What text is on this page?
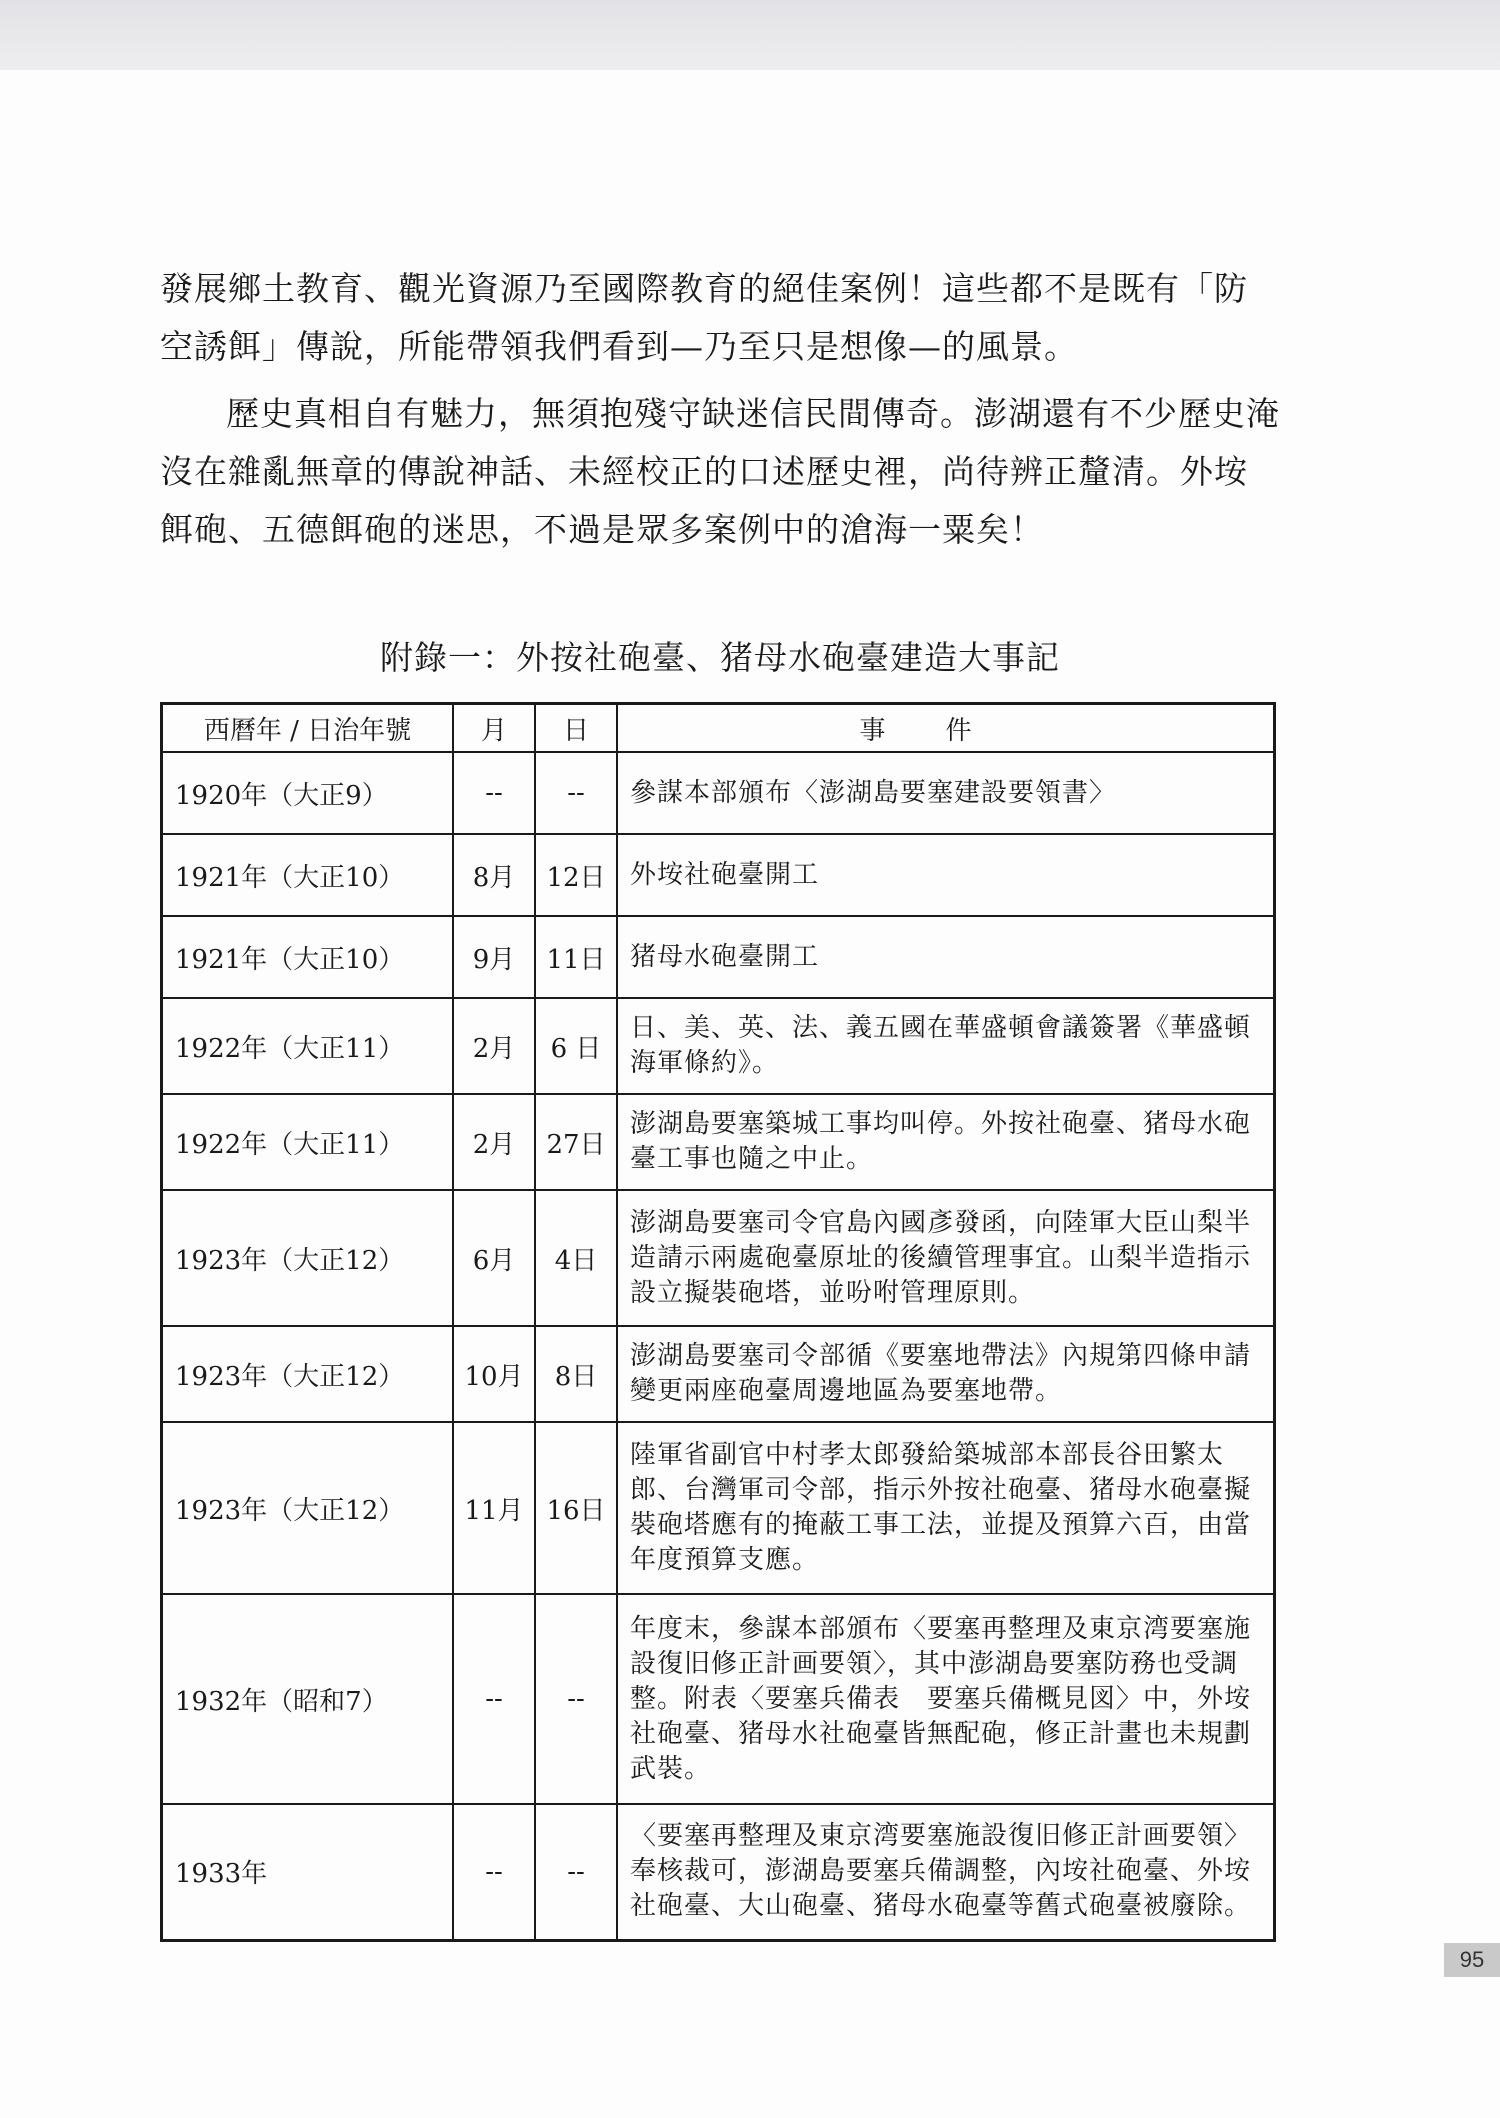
發展鄉土教育、觀光資源乃至國際教育的絕佳案例！這些都不是既有「防空誘餌」傳說，所能帶領我們看到—乃至只是想像—的風景。

歷史真相自有魅力，無須抱殘守缺迷信民間傳奇。澎湖還有不少歷史淹沒在雜亂無章的傳說神話、未經校正的口述歷史裡，尚待辨正釐清。外垵餌砲、五德餌砲的迷思，不過是眾多案例中的滄海一粟矣！

附錄一：外按社砲臺、猪母水砲臺建造大事記
西曆年 / 日治年號	月	日	事件
1920年（大正9）	--	--	參謀本部頒布〈澎湖島要塞建設要領書〉
1921年（大正10）	8月	12日	外垵社砲臺開工
1921年（大正10）	9月	11日	猪母水砲臺開工
1922年（大正11）	2月	6 日	日、美、英、法、義五國在華盛頓會議簽署《華盛頓海軍條約》。
1922年（大正11）	2月	27日	澎湖島要塞築城工事均叫停。外按社砲臺、猪母水砲臺工事也隨之中止。
1923年（大正12）	6月	4日	澎湖島要塞司令官島內國彥發函，向陸軍大臣山梨半造請示兩處砲臺原址的後續管理事宜。山梨半造指示設立擬裝砲塔，並吩咐管理原則。
1923年（大正12）	10月	8日	澎湖島要塞司令部循《要塞地帶法》內規第四條申請變更兩座砲臺周邊地區為要塞地帶。
1923年（大正12）	11月	16日	陸軍省副官中村孝太郎發給築城部本部長谷田繁太郎、台灣軍司令部，指示外按社砲臺、猪母水砲臺擬裝砲塔應有的掩蔽工事工法，並提及預算六百，由當年度預算支應。
1932年（昭和7）	--	--	年度末，參謀本部頒布〈要塞再整理及東京湾要塞施設復旧修正計画要領〉，其中澎湖島要塞防務也受調整。附表〈要塞兵備表　要塞兵備概見図〉中，外垵社砲臺、猪母水社砲臺皆無配砲，修正計畫也未規劃武裝。
1933年	--	--	〈要塞再整理及東京湾要塞施設復旧修正計画要領〉奉核裁可，澎湖島要塞兵備調整，內垵社砲臺、外垵社砲臺、大山砲臺、猪母水砲臺等舊式砲臺被廢除。
95
